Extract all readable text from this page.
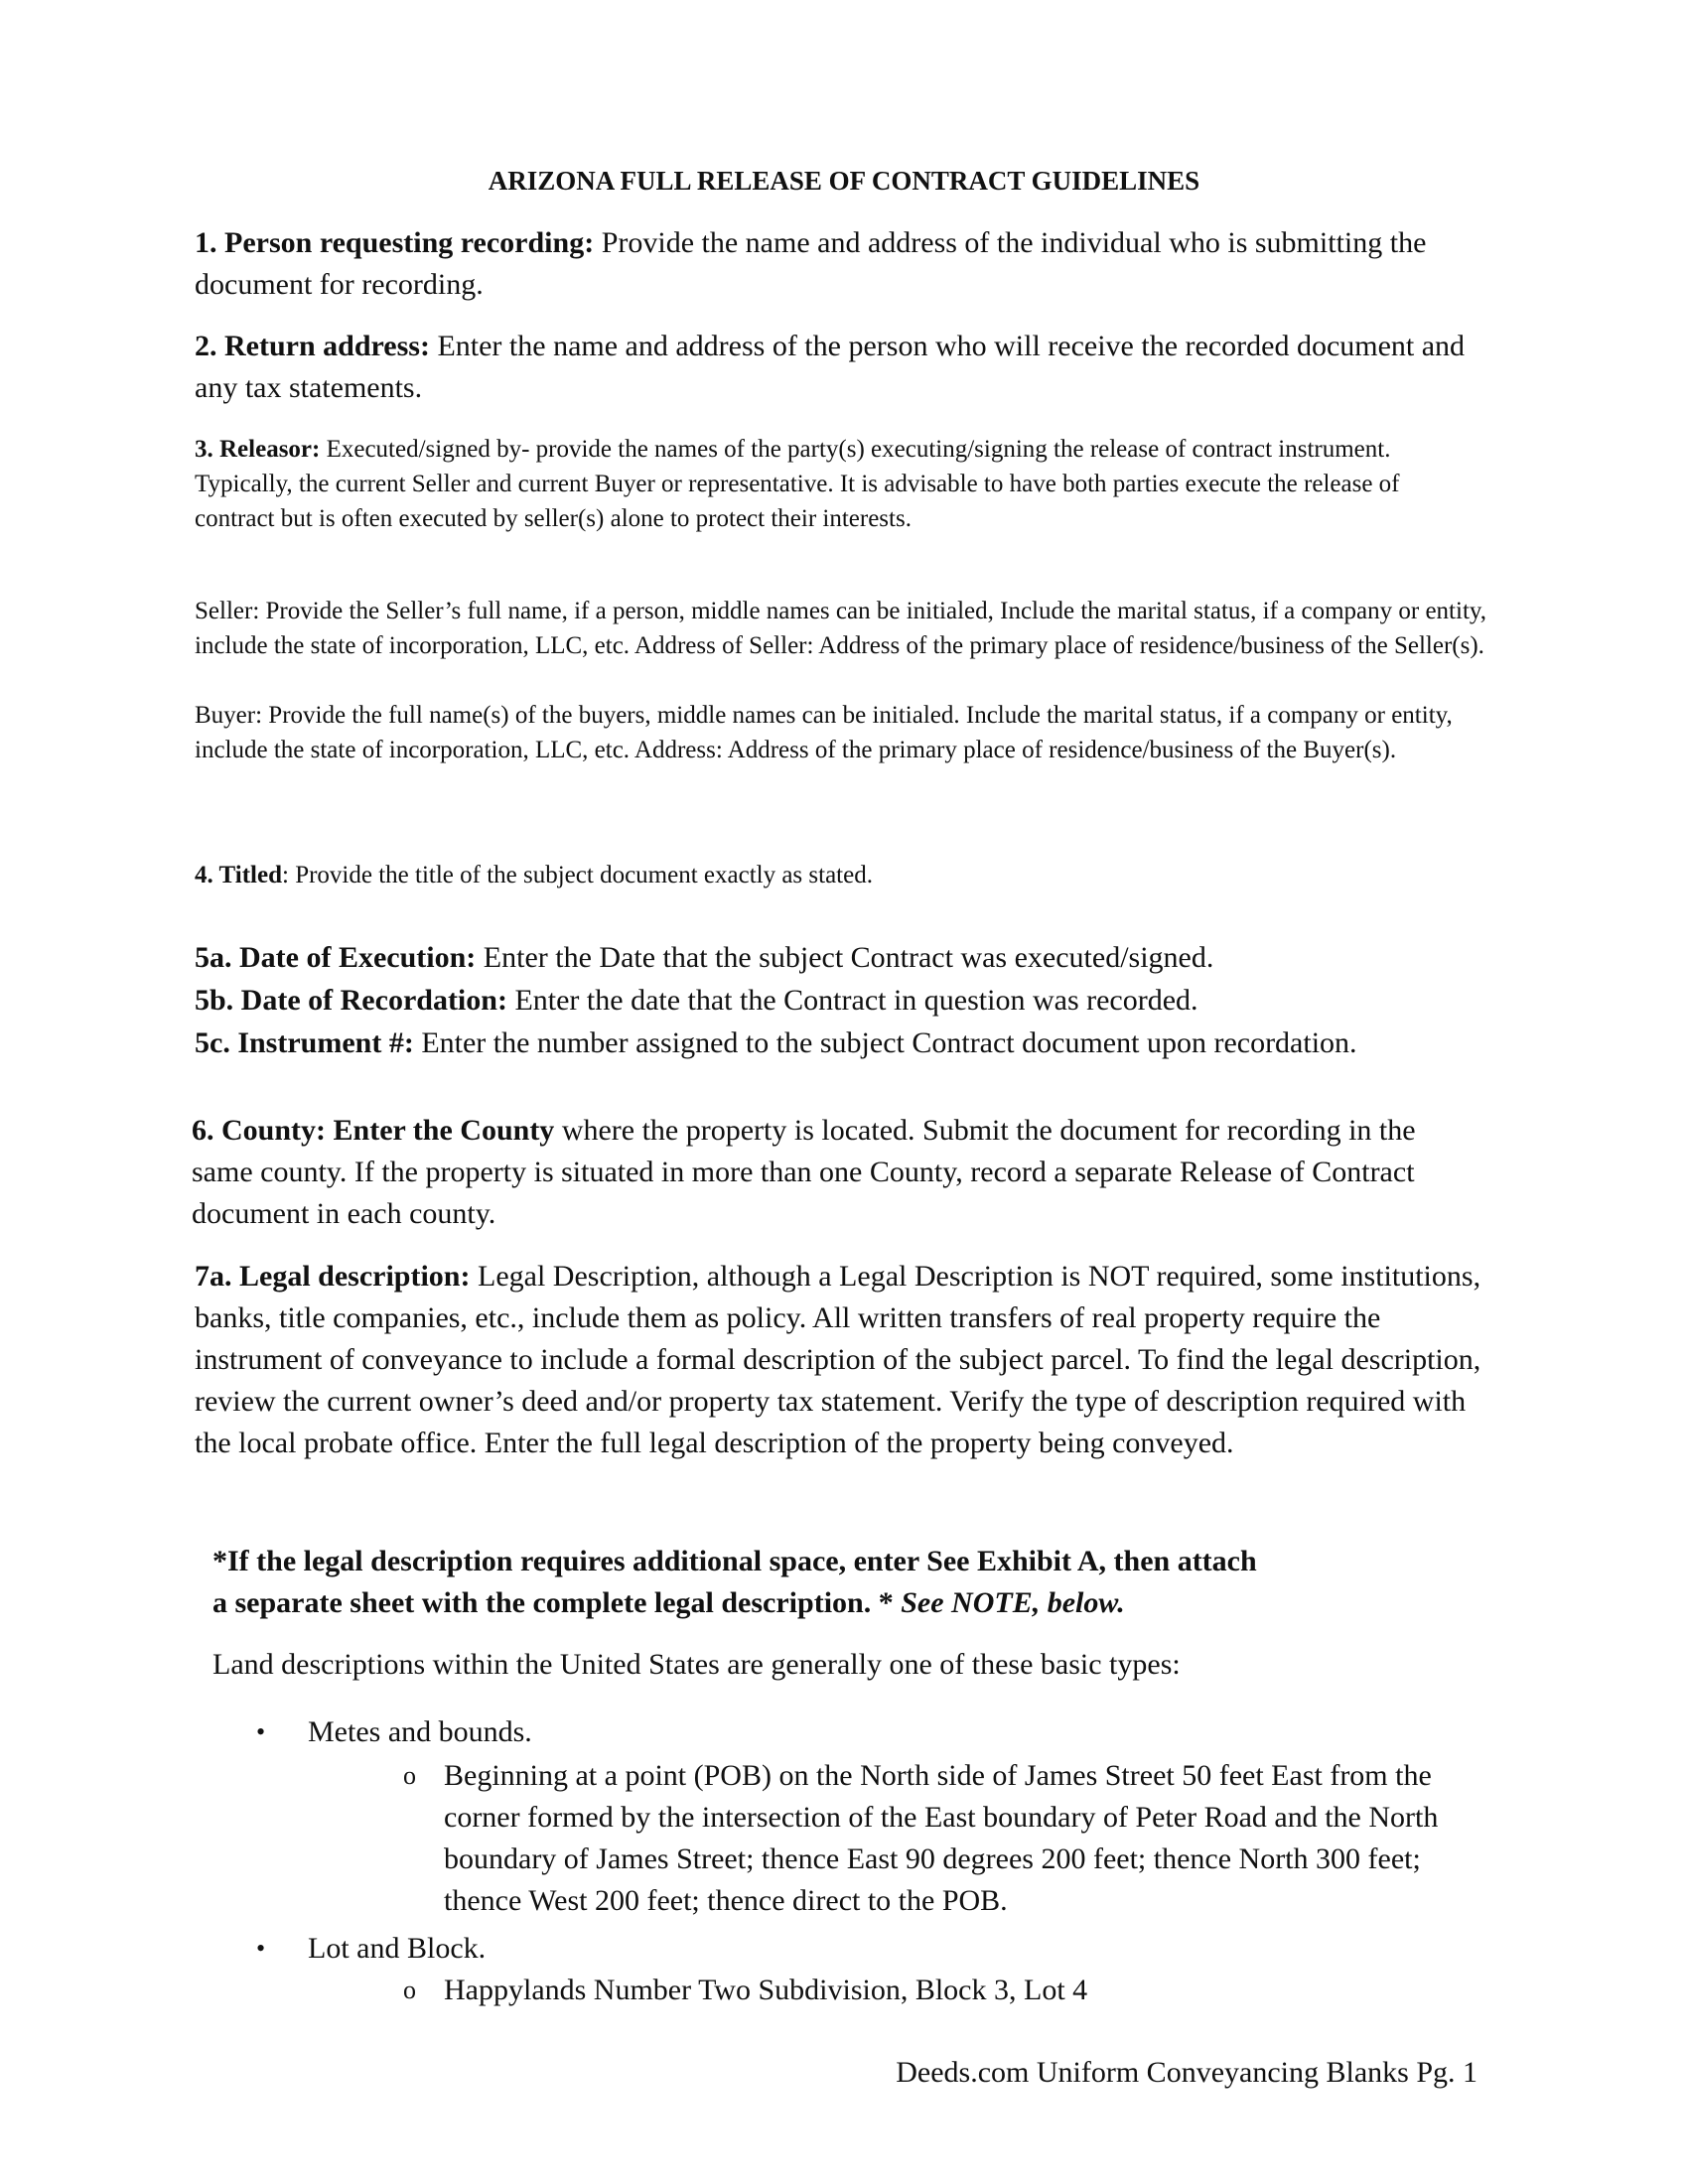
ARIZONA FULL RELEASE OF CONTRACT GUIDELINES

1. Person requesting recording: Provide the name and address of the individual who is submitting the document for recording.

2. Return address: Enter the name and address of the person who will receive the recorded document and any tax statements.

3. Releasor: Executed/signed by- provide the names of the party(s) executing/signing the release of contract instrument. Typically, the current Seller and current Buyer or representative. It is advisable to have both parties execute the release of contract but is often executed by seller(s) alone to protect their interests.

Seller: Provide the Seller’s full name, if a person, middle names can be initialed, Include the marital status, if a company or entity, include the state of incorporation, LLC, etc. Address of Seller: Address of the primary place of residence/business of the Seller(s).

Buyer: Provide the full name(s) of the buyers, middle names can be initialed. Include the marital status, if a company or entity, include the state of incorporation, LLC, etc. Address: Address of the primary place of residence/business of the Buyer(s).

4. Titled: Provide the title of the subject document exactly as stated.

5a. Date of Execution: Enter the Date that the subject Contract was executed/signed.

5b. Date of Recordation: Enter the date that the Contract in question was recorded.

5c. Instrument #: Enter the number assigned to the subject Contract document upon recordation.

6. County: Enter the County where the property is located. Submit the document for recording in the same county. If the property is situated in more than one County, record a separate Release of Contract document in each county.

7a. Legal description: Legal Description, although a Legal Description is NOT required, some institutions, banks, title companies, etc., include them as policy. All written transfers of real property require the instrument of conveyance to include a formal description of the subject parcel. To find the legal description, review the current owner’s deed and/or property tax statement. Verify the type of description required with the local probate office. Enter the full legal description of the property being conveyed.

*If the legal description requires additional space, enter See Exhibit A, then attach
a separate sheet with the complete legal description. * See NOTE, below.

Land descriptions within the United States are generally one of these basic types:

• Metes and bounds.

o Beginning at a point (POB) on the North side of James Street 50 feet East from the corner formed by the intersection of the East boundary of Peter Road and the North boundary of James Street; thence East 90 degrees 200 feet; thence North 300 feet; thence West 200 feet; thence direct to the POB.

• Lot and Block.

o Happylands Number Two Subdivision, Block 3, Lot 4

Deeds.com Uniform Conveyancing Blanks Pg. 1
